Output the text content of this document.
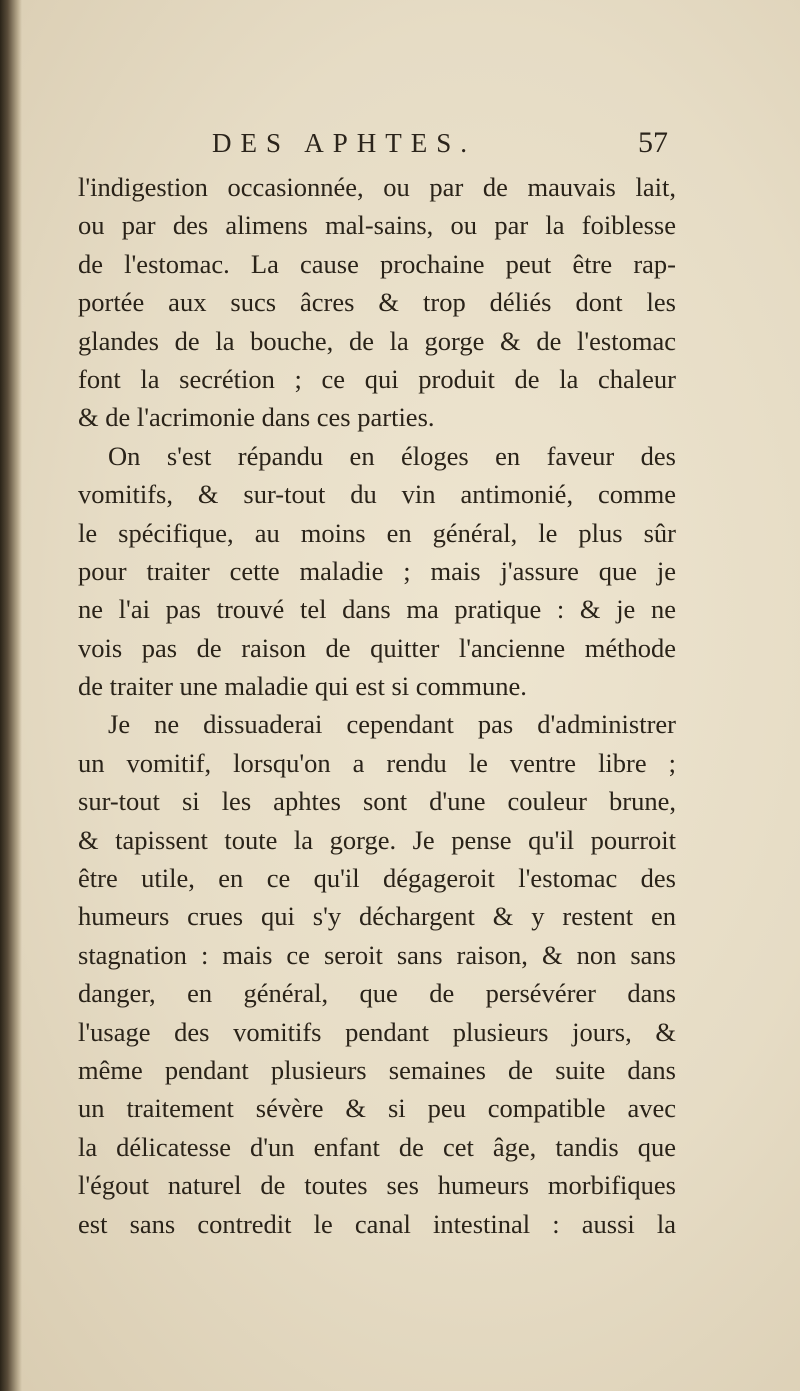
DES APHTES.	57
l'indigestion occasionnée, ou par de mauvais lait,
ou par des alimens mal-sains, ou par la foiblesse
de l'estomac. La cause prochaine peut être rap-
portée aux sucs âcres & trop déliés dont les
glandes de la bouche, de la gorge & de l'estomac
font la secrétion ; ce qui produit de la chaleur
& de l'acrimonie dans ces parties.
On s'est répandu en éloges en faveur des
vomitifs, & sur-tout du vin antimonié, comme
le spécifique, au moins en général, le plus sûr
pour traiter cette maladie ; mais j'assure que je
ne l'ai pas trouvé tel dans ma pratique : & je ne
vois pas de raison de quitter l'ancienne méthode
de traiter une maladie qui est si commune.
Je ne dissuaderai cependant pas d'administrer
un vomitif, lorsqu'on a rendu le ventre libre ;
sur-tout si les aphtes sont d'une couleur brune,
& tapissent toute la gorge. Je pense qu'il pourroit
être utile, en ce qu'il dégageroit l'estomac des
humeurs crues qui s'y déchargent & y restent en
stagnation : mais ce seroit sans raison, & non sans
danger, en général, que de persévérer dans
l'usage des vomitifs pendant plusieurs jours, &
même pendant plusieurs semaines de suite dans
un traitement sévère & si peu compatible avec
la délicatesse d'un enfant de cet âge, tandis que
l'égout naturel de toutes ses humeurs morbifiques
est sans contredit le canal intestinal : aussi la
